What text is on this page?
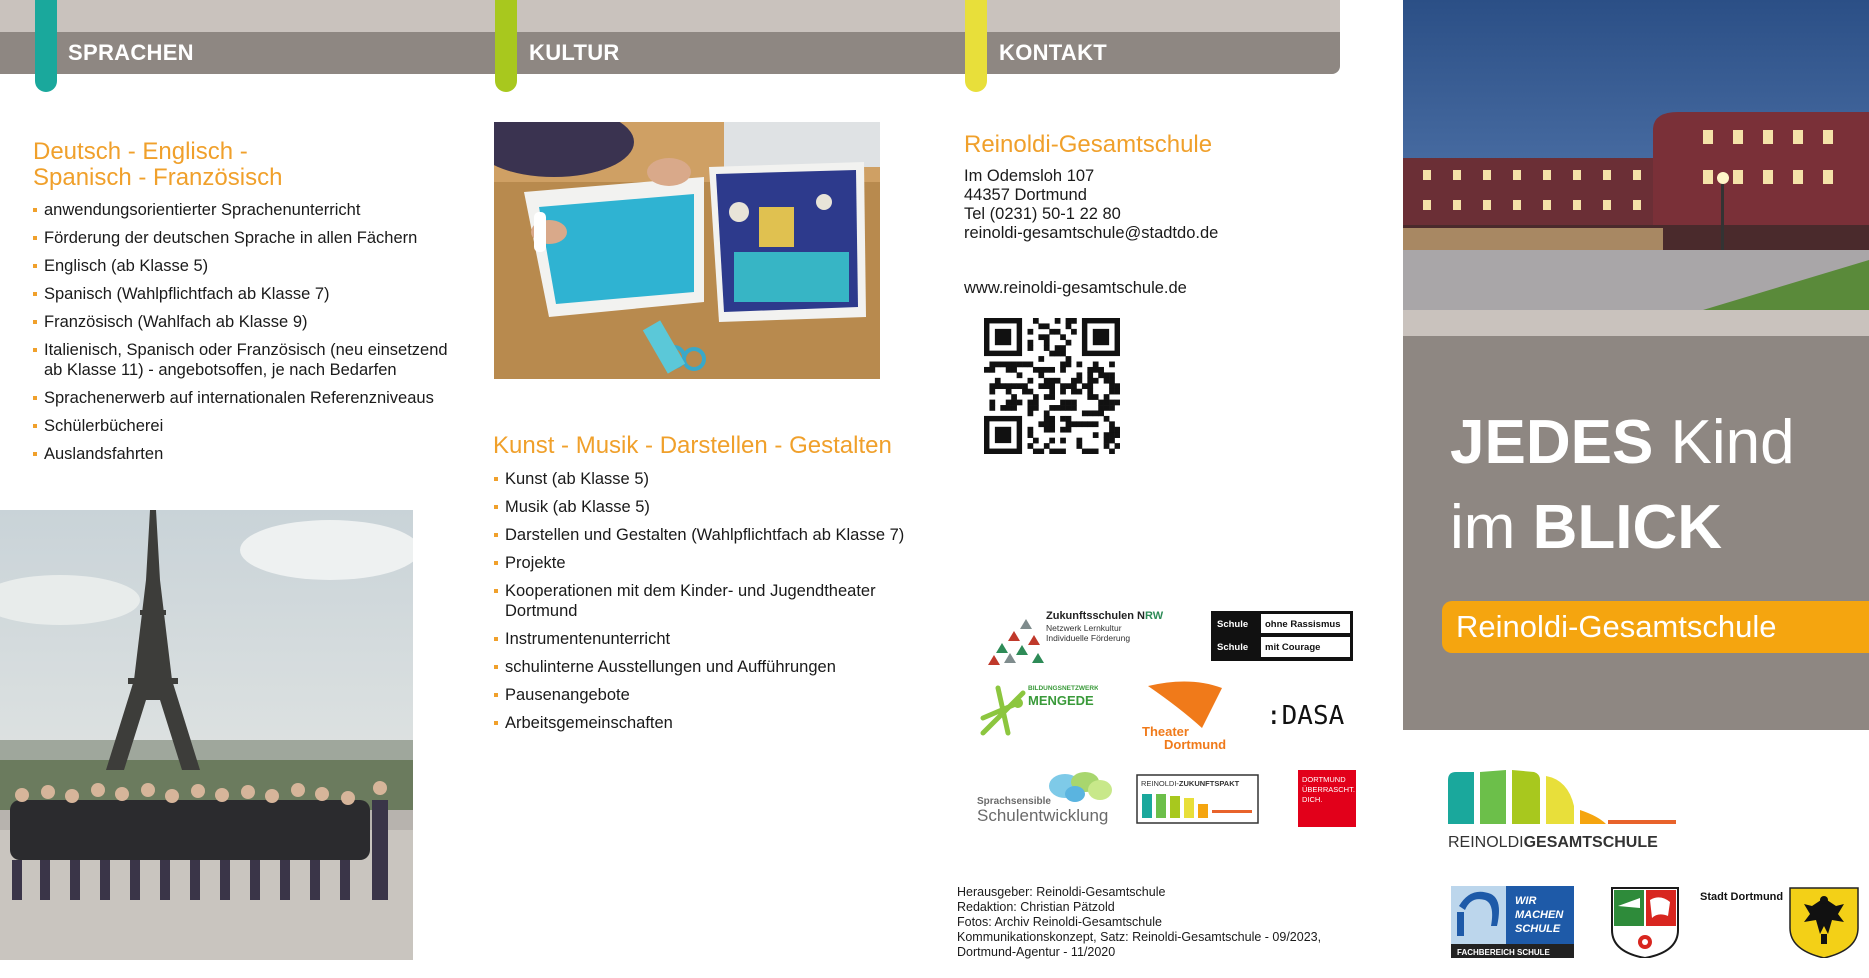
SPRACHEN	KULTUR	KONTAKT
Deutsch - Englisch -
Spanisch - Französisch
anwendungsorientierter Sprachenunterricht
Förderung der deutschen Sprache in allen Fächern
Englisch (ab Klasse 5)
Spanisch (Wahlpflichtfach ab Klasse 7)
Französisch (Wahlfach ab Klasse 9)
Italienisch, Spanisch oder Französisch (neu einsetzend ab Klasse 11) - angebotsoffen, je nach Bedarfen
Sprachenerwerb auf internationalen Referenzniveaus
Schülerbücherei
Auslandsfahrten	Kunst - Musik - Darstellen - Gestalten
Kunst (ab Klasse 5)
Musik (ab Klasse 5)
Darstellen und Gestalten (Wahlpflichtfach ab Klasse 7)
Projekte
Kooperationen mit dem Kinder- und Jugendtheater Dortmund
Instrumentenunterricht
schulinterne Ausstellungen und Aufführungen
Pausenangebote
Arbeitsgemeinschaften
Reinoldi-Gesamtschule
Im Odemsloh 107
44357 Dortmund
Tel (0231) 50-1 22 80
reinoldi-gesamtschule@stadtdo.de
www.reinoldi-gesamtschule.de
Zukunftsschulen NRW
Netzwerk Lernkultur
Individuelle Förderung
Schule ohne Rassismus
Schule mit Courage
BILDUNGSNETZWERK
MENGEDE
Theater
Dortmund
:DASA
Sprachsensible
Schulentwicklung
REINOLDI-ZUKUNFTSPAKT	DORTMUND
ÜBERRASCHT.
DICH.
Herausgeber: Reinoldi-Gesamtschule
Redaktion: Christian Pätzold
Fotos: Archiv Reinoldi-Gesamtschule
Kommunikationskonzept, Satz: Reinoldi-Gesamtschule - 09/2023,
Dortmund-Agentur - 11/2020
JEDES Kind
im BLICK
Reinoldi-Gesamtschule
REINOLDIGESAMTSCHULE
WIR
MACHEN
SCHULE
FACHBEREICH SCHULE
Stadt Dortmund
